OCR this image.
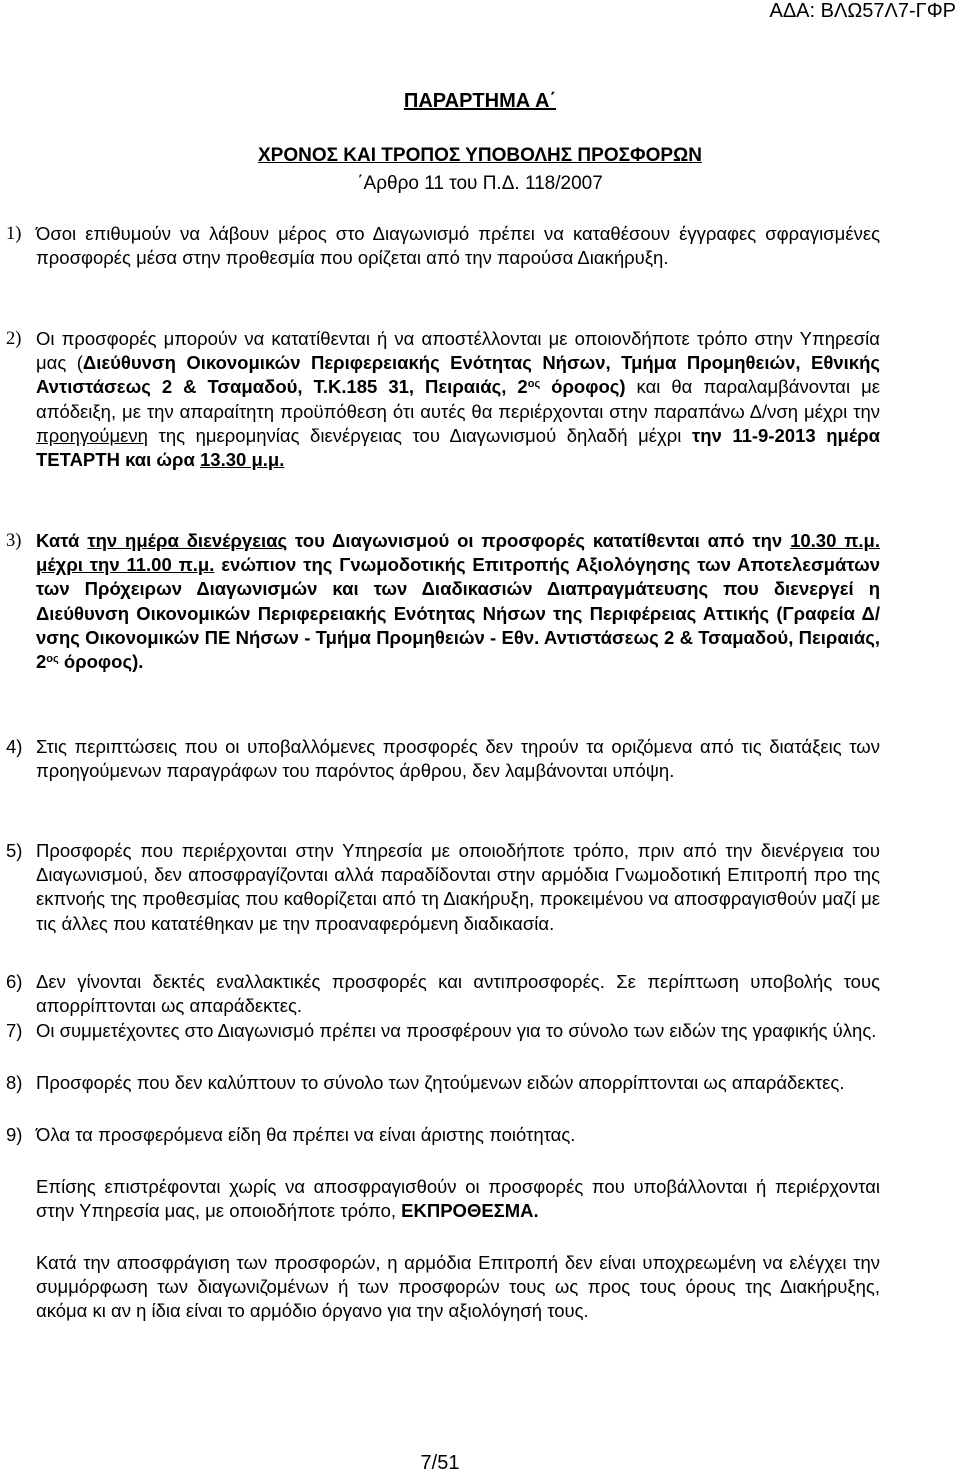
ΑΔΑ: ΒΛΩ57Λ7-ΓΦΡ
ΠΑΡΑΡΤΗΜΑ Α΄
ΧΡΟΝΟΣ ΚΑΙ ΤΡΟΠΟΣ ΥΠΟΒΟΛΗΣ ΠΡΟΣΦΟΡΩΝ
΄Αρθρο 11 του Π.Δ. 118/2007
1) Όσοι επιθυμούν να λάβουν μέρος στο Διαγωνισμό πρέπει να καταθέσουν έγγραφες σφραγισμένες προσφορές μέσα στην προθεσμία που ορίζεται από την παρούσα Διακήρυξη.
2) Οι προσφορές μπορούν να κατατίθενται ή να αποστέλλονται με οποιονδήποτε τρόπο στην Υπηρεσία μας (Διεύθυνση Οικονομικών Περιφερειακής Ενότητας Νήσων, Τμήμα Προμηθειών, Εθνικής Αντιστάσεως 2 & Τσαμαδού, Τ.Κ.185 31, Πειραιάς, $2^{o\varsigma}$ όροφος) και θα παραλαμβάνονται με απόδειξη, με την απαραίτητη προϋπόθεση ότι αυτές θα περιέρχονται στην παραπάνω Δ/νση μέχρι την προηγούμενη της ημερομηνίας διενέργειας του Διαγωνισμού δηλαδή μέχρι την 11-9-2013 ημέρα ΤΕΤΑΡΤΗ και ώρα 13.30 μ.μ.
3) Κατά την ημέρα διενέργειας του Διαγωνισμού οι προσφορές κατατίθενται από την 10.30 π.μ. μέχρι την 11.00 π.μ. ενώπιον της Γνωμοδοτικής Επιτροπής Αξιολόγησης των Αποτελεσμάτων των Πρόχειρων Διαγωνισμών και των Διαδικασιών Διαπραγμάτευσης που διενεργεί η Διεύθυνση Οικονομικών Περιφερειακής Ενότητας Νήσων της Περιφέρειας Αττικής (Γραφεία Δ/νσης Οικονομικών ΠΕ Νήσων - Τμήμα Προμηθειών - Εθν. Αντιστάσεως 2 & Τσαμαδού, Πειραιάς, $2^{o\varsigma}$ όροφος).
4) Στις περιπτώσεις που οι υποβαλλόμενες προσφορές δεν τηρούν τα οριζόμενα από τις διατάξεις των προηγούμενων παραγράφων του παρόντος άρθρου, δεν λαμβάνονται υπόψη.
5) Προσφορές που περιέρχονται στην Υπηρεσία με οποιοδήποτε τρόπο, πριν από την διενέργεια του Διαγωνισμού, δεν αποσφραγίζονται αλλά παραδίδονται στην αρμόδια Γνωμοδοτική Επιτροπή προ της εκπνοής της προθεσμίας που καθορίζεται από τη Διακήρυξη, προκειμένου να αποσφραγισθούν μαζί με τις άλλες που κατατέθηκαν με την προαναφερόμενη διαδικασία.
6) Δεν γίνονται δεκτές εναλλακτικές προσφορές και αντιπροσφορές. Σε περίπτωση υποβολής τους απορρίπτονται ως απαράδεκτες.
7) Οι συμμετέχοντες στο Διαγωνισμό πρέπει να προσφέρουν για το σύνολο των ειδών της γραφικής ύλης.
8) Προσφορές που δεν καλύπτουν το σύνολο των ζητούμενων ειδών απορρίπτονται ως απαράδεκτες.
9) Όλα τα προσφερόμενα είδη θα πρέπει να είναι άριστης ποιότητας.
Επίσης επιστρέφονται χωρίς να αποσφραγισθούν οι προσφορές που υποβάλλονται ή περιέρχονται στην Υπηρεσία μας, με οποιοδήποτε τρόπο, ΕΚΠΡΟΘΕΣΜΑ.
Κατά την αποσφράγιση των προσφορών, η αρμόδια Επιτροπή δεν είναι υποχρεωμένη να ελέγχει την συμμόρφωση των διαγωνιζομένων ή των προσφορών τους ως προς τους όρους της Διακήρυξης, ακόμα κι αν η ίδια είναι το αρμόδιο όργανο για την αξιολόγησή τους.
7/51
